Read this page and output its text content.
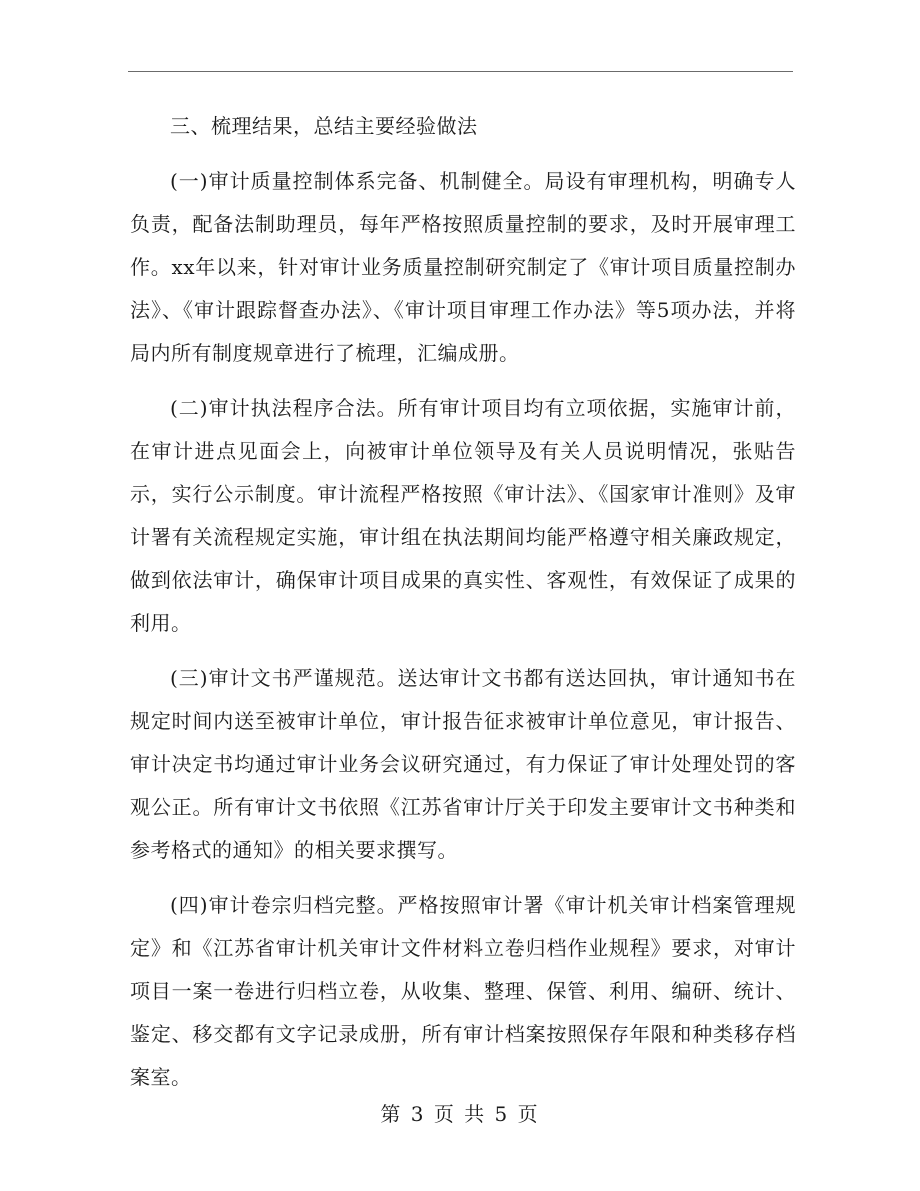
三、梳理结果，总结主要经验做法

(一)审计质量控制体系完备、机制健全。局设有审理机构，明确专人负责，配备法制助理员，每年严格按照质量控制的要求，及时开展审理工作。xx年以来，针对审计业务质量控制研究制定了《审计项目质量控制办法》、《审计跟踪督查办法》、《审计项目审理工作办法》等5项办法，并将局内所有制度规章进行了梳理，汇编成册。

(二)审计执法程序合法。所有审计项目均有立项依据，实施审计前，在审计进点见面会上，向被审计单位领导及有关人员说明情况，张贴告示，实行公示制度。审计流程严格按照《审计法》、《国家审计准则》及审计署有关流程规定实施，审计组在执法期间均能严格遵守相关廉政规定，做到依法审计，确保审计项目成果的真实性、客观性，有效保证了成果的利用。

(三)审计文书严谨规范。送达审计文书都有送达回执，审计通知书在规定时间内送至被审计单位，审计报告征求被审计单位意见，审计报告、审计决定书均通过审计业务会议研究通过，有力保证了审计处理处罚的客观公正。所有审计文书依照《江苏省审计厅关于印发主要审计文书种类和参考格式的通知》的相关要求撰写。

(四)审计卷宗归档完整。严格按照审计署《审计机关审计档案管理规定》和《江苏省审计机关审计文件材料立卷归档作业规程》要求，对审计项目一案一卷进行归档立卷，从收集、整理、保管、利用、编研、统计、鉴定、移交都有文字记录成册，所有审计档案按照保存年限和种类移存档案室。

第 3 页 共 5 页
